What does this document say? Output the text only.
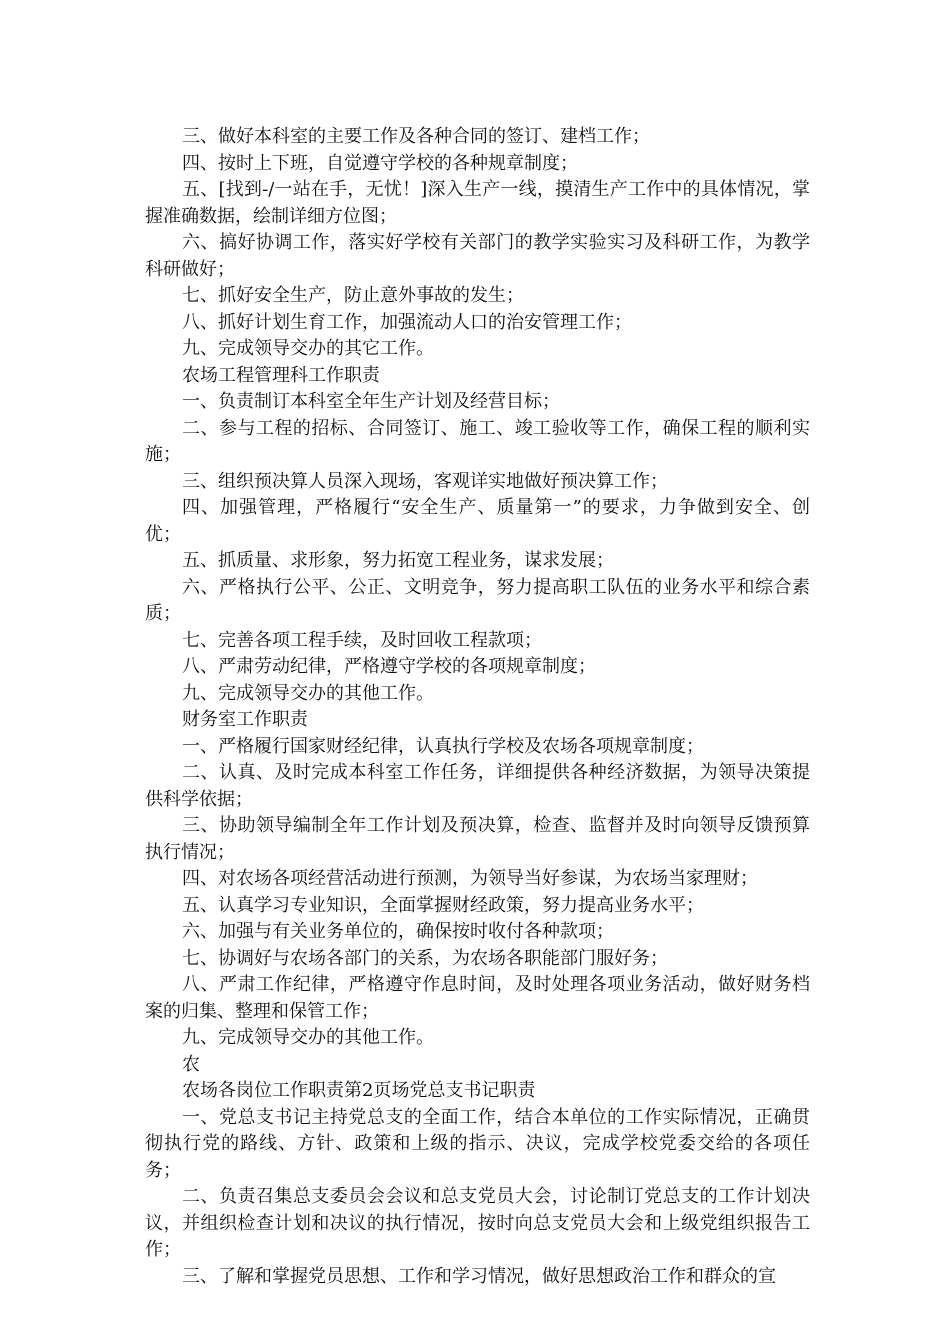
三、做好本科室的主要工作及各种合同的签订、建档工作；

四、按时上下班，自觉遵守学校的各种规章制度；

五、[找到-/一站在手，无忧！]深入生产一线，摸清生产工作中的具体情况，掌握准确数据，绘制详细方位图；

六、搞好协调工作，落实好学校有关部门的教学实验实习及科研工作，为教学科研做好；

七、抓好安全生产，防止意外事故的发生；

八、抓好计划生育工作，加强流动人口的治安管理工作；

九、完成领导交办的其它工作。

农场工程管理科工作职责

一、负责制订本科室全年生产计划及经营目标；

二、参与工程的招标、合同签订、施工、竣工验收等工作，确保工程的顺利实施；

三、组织预决算人员深入现场，客观详实地做好预决算工作；

四、加强管理，严格履行“安全生产、质量第一”的要求，力争做到安全、创优；

五、抓质量、求形象，努力拓宽工程业务，谋求发展；

六、严格执行公平、公正、文明竞争，努力提高职工队伍的业务水平和综合素质；

七、完善各项工程手续，及时回收工程款项；

八、严肃劳动纪律，严格遵守学校的各项规章制度；

九、完成领导交办的其他工作。

财务室工作职责

一、严格履行国家财经纪律，认真执行学校及农场各项规章制度；

二、认真、及时完成本科室工作任务，详细提供各种经济数据，为领导决策提供科学依据；

三、协助领导编制全年工作计划及预决算，检查、监督并及时向领导反馈预算执行情况；

四、对农场各项经营活动进行预测，为领导当好参谋，为农场当家理财；

五、认真学习专业知识，全面掌握财经政策，努力提高业务水平；

六、加强与有关业务单位的，确保按时收付各种款项；

七、协调好与农场各部门的关系，为农场各职能部门服好务；

八、严肃工作纪律，严格遵守作息时间，及时处理各项业务活动，做好财务档案的归集、整理和保管工作；

九、完成领导交办的其他工作。

农

农场各岗位工作职责第2页场党总支书记职责

一、党总支书记主持党总支的全面工作，结合本单位的工作实际情况，正确贯彻执行党的路线、方针、政策和上级的指示、决议，完成学校党委交给的各项任务；

二、负责召集总支委员会会议和总支党员大会，讨论制订党总支的工作计划决议，并组织检查计划和决议的执行情况，按时向总支党员大会和上级党组织报告工作；

三、了解和掌握党员思想、工作和学习情况，做好思想政治工作和群众的宣
